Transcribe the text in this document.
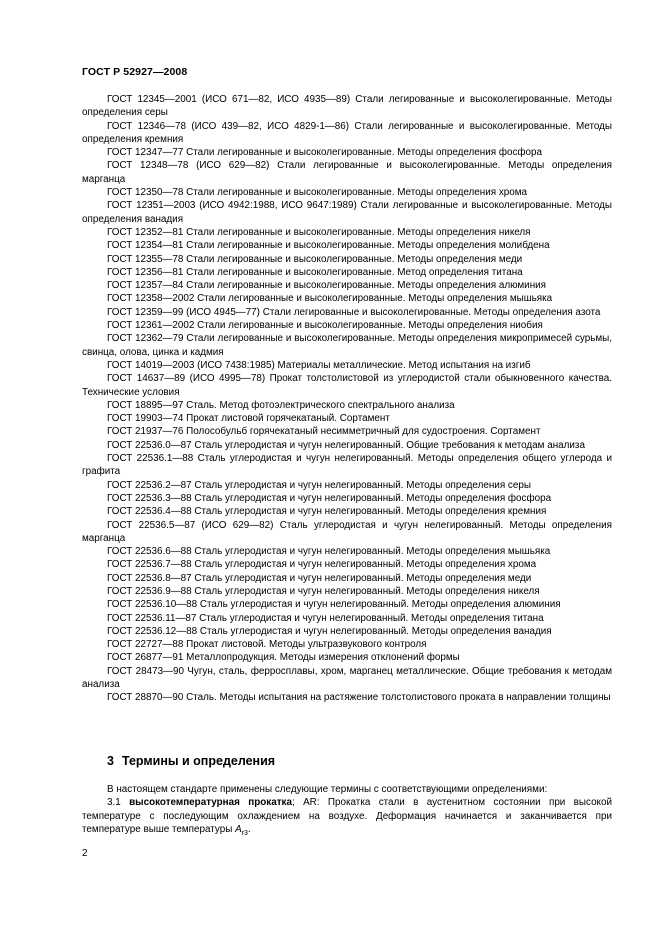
ГОСТ Р 52927—2008

ГОСТ 12345—2001 (ИСО 671—82, ИСО 4935—89) Стали легированные и высоколегированные. Методы определения серы

ГОСТ 12346—78 (ИСО 439—82, ИСО 4829-1—86) Стали легированные и высоколегированные. Методы определения кремния

ГОСТ 12347—77 Стали легированные и высоколегированные. Методы определения фосфора

ГОСТ 12348—78 (ИСО 629—82) Стали легированные и высоколегированные. Методы определения марганца

ГОСТ 12350—78 Стали легированные и высоколегированные. Методы определения хрома

ГОСТ 12351—2003 (ИСО 4942:1988, ИСО 9647:1989) Стали легированные и высоколегированные. Методы определения ванадия

ГОСТ 12352—81 Стали легированные и высоколегированные. Методы определения никеля

ГОСТ 12354—81 Стали легированные и высоколегированные. Методы определения молибдена

ГОСТ 12355—78 Стали легированные и высоколегированные. Методы определения меди

ГОСТ 12356—81 Стали легированные и высоколегированные. Метод определения титана

ГОСТ 12357—84 Стали легированные и высоколегированные. Методы определения алюминия

ГОСТ 12358—2002 Стали легированные и высоколегированные. Методы определения мышьяка

ГОСТ 12359—99 (ИСО 4945—77) Стали легированные и высоколегированные. Методы определения азота

ГОСТ 12361—2002 Стали легированные и высоколегированные. Методы определения ниобия

ГОСТ 12362—79 Стали легированные и высоколегированные. Методы определения микропримесей сурьмы, свинца, олова, цинка и кадмия

ГОСТ 14019—2003 (ИСО 7438:1985) Материалы металлические. Метод испытания на изгиб

ГОСТ 14637—89 (ИСО 4995—78) Прокат толстолистовой из углеродистой стали обыкновенного качества. Технические условия

ГОСТ 18895—97 Сталь. Метод фотоэлектрического спектрального анализа

ГОСТ 19903—74 Прокат листовой горячекатаный. Сортамент

ГОСТ 21937—76 Полособульб горячекатаный несимметричный для судостроения. Сортамент

ГОСТ 22536.0—87 Сталь углеродистая и чугун нелегированный. Общие требования к методам анализа

ГОСТ 22536.1—88 Сталь углеродистая и чугун нелегированный. Методы определения общего углерода и графита

ГОСТ 22536.2—87 Сталь углеродистая и чугун нелегированный. Методы определения серы

ГОСТ 22536.3—88 Сталь углеродистая и чугун нелегированный. Методы определения фосфора

ГОСТ 22536.4—88 Сталь углеродистая и чугун нелегированный. Методы определения кремния

ГОСТ 22536.5—87 (ИСО 629—82) Сталь углеродистая и чугун нелегированный. Методы определения марганца

ГОСТ 22536.6—88 Сталь углеродистая и чугун нелегированный. Методы определения мышьяка

ГОСТ 22536.7—88 Сталь углеродистая и чугун нелегированный. Методы определения хрома

ГОСТ 22536.8—87 Сталь углеродистая и чугун нелегированный. Методы определения меди

ГОСТ 22536.9—88 Сталь углеродистая и чугун нелегированный. Методы определения никеля

ГОСТ 22536.10—88 Сталь углеродистая и чугун нелегированный. Методы определения алюминия

ГОСТ 22536.11—87 Сталь углеродистая и чугун нелегированный. Методы определения титана

ГОСТ 22536.12—88 Сталь углеродистая и чугун нелегированный. Методы определения ванадия

ГОСТ 22727—88 Прокат листовой. Методы ультразвукового контроля

ГОСТ 26877—91 Металлопродукция. Методы измерения отклонений формы

ГОСТ 28473—90 Чугун, сталь, ферросплавы, хром, марганец металлические. Общие требования к методам анализа

ГОСТ 28870—90 Сталь. Методы испытания на растяжение толстолистового проката в направлении толщины

3 Термины и определения

В настоящем стандарте применены следующие термины с соответствующими определениями:

3.1 высокотемпературная прокатка; AR: Прокатка стали в аустенитном состоянии при высокой температуре с последующим охлаждением на воздухе. Деформация начинается и заканчивается при температуре выше температуры $A_{r3}$.

2
